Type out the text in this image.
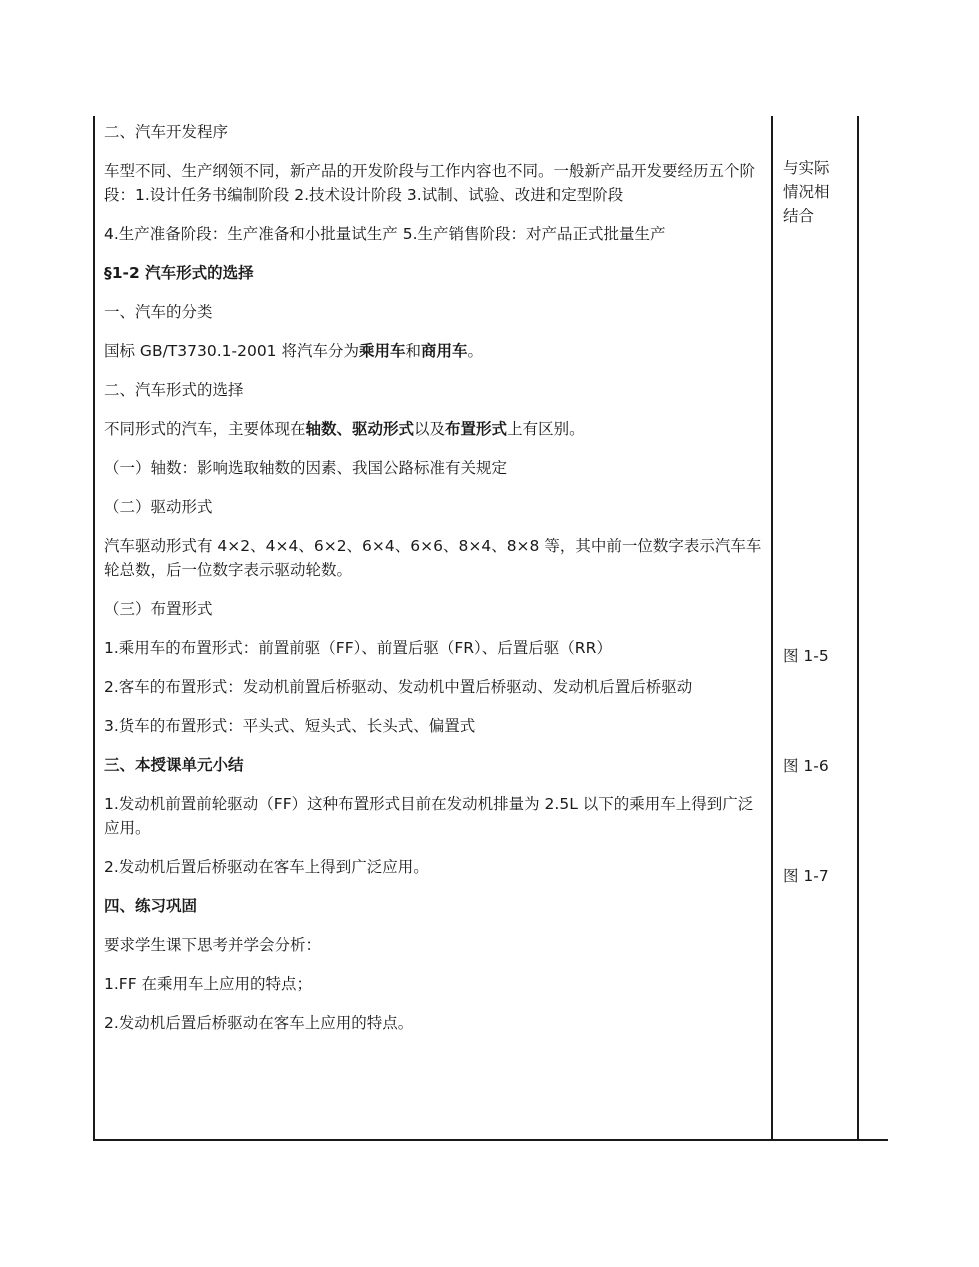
二、汽车开发程序

车型不同、生产纲领不同，新产品的开发阶段与工作内容也不同。一般新产品开发要经历五个阶段：1.设计任务书编制阶段 2.技术设计阶段 3.试制、试验、改进和定型阶段

4.生产准备阶段：生产准备和小批量试生产 5.生产销售阶段：对产品正式批量生产

§1-2 汽车形式的选择

一、汽车的分类

国标 GB/T3730.1-2001 将汽车分为乘用车和商用车。

二、汽车形式的选择

不同形式的汽车，主要体现在轴数、驱动形式以及布置形式上有区别。

（一）轴数：影响选取轴数的因素、我国公路标准有关规定

（二）驱动形式

汽车驱动形式有 4×2、4×4、6×2、6×4、6×6、8×4、8×8 等，其中前一位数字表示汽车车轮总数，后一位数字表示驱动轮数。

（三）布置形式

1.乘用车的布置形式：前置前驱（FF）、前置后驱（FR）、后置后驱（RR）

2.客车的布置形式：发动机前置后桥驱动、发动机中置后桥驱动、发动机后置后桥驱动

3.货车的布置形式：平头式、短头式、长头式、偏置式

三、本授课单元小结

1.发动机前置前轮驱动（FF）这种布置形式目前在发动机排量为 2.5L 以下的乘用车上得到广泛应用。

2.发动机后置后桥驱动在客车上得到广泛应用。

四、练习巩固

要求学生课下思考并学会分析：

1.FF 在乘用车上应用的特点；

2.发动机后置后桥驱动在客车上应用的特点。

与实际情况相结合

图 1-5

图 1-6

图 1-7
